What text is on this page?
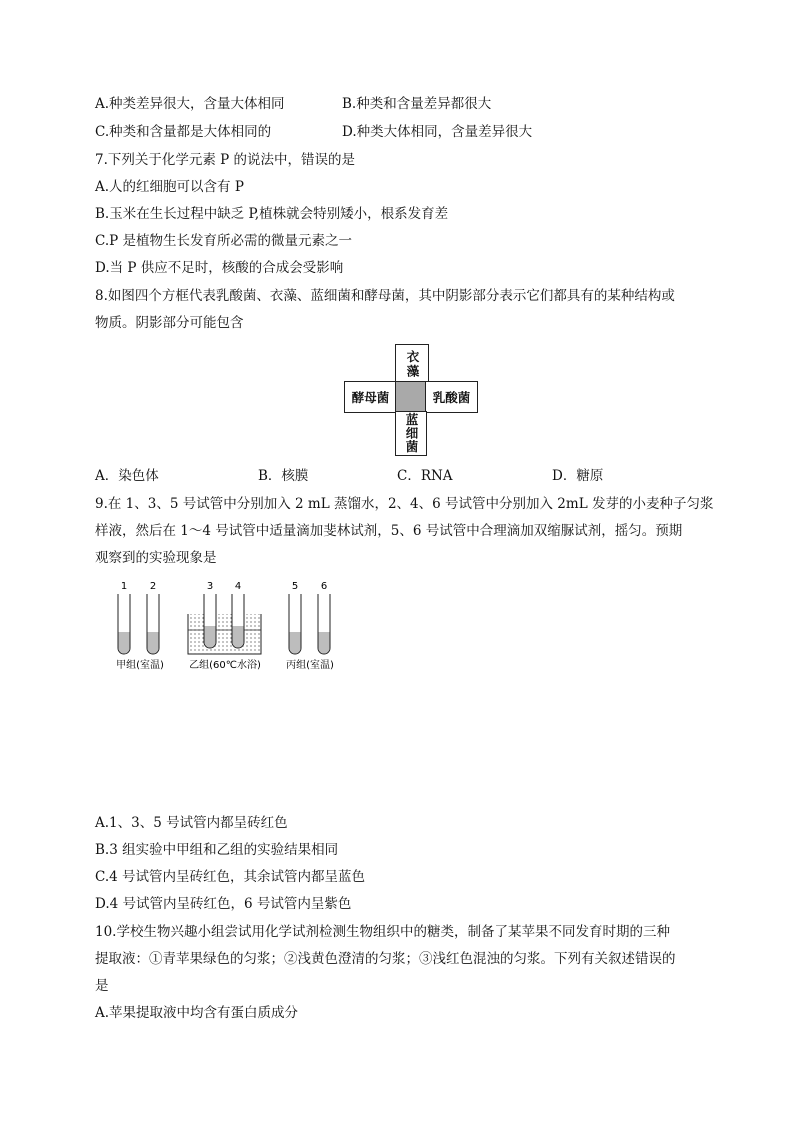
A.种类差异很大，含量大体相同	B.种类和含量差异都很大
C.种类和含量都是大体相同的	D.种类大体相同，含量差异很大
7.下列关于化学元素 P 的说法中，错误的是
A.人的红细胞可以含有 P
B.玉米在生长过程中缺乏 P,植株就会特别矮小，根系发育差
C.P 是植物生长发育所必需的微量元素之一
D.当 P 供应不足时，核酸的合成会受影响
8.如图四个方框代表乳酸菌、衣藻、蓝细菌和酵母菌，其中阴影部分表示它们都具有的某种结构或
物质。阴影部分可能包含
衣藻
酵母菌	乳酸菌
蓝细菌
A．染色体	B．核膜	C．RNA	D．糖原
9.在 1、3、5 号试管中分别加入 2 mL 蒸馏水，2、4、6 号试管中分别加入 2mL 发芽的小麦种子匀浆
样液，然后在 1～4 号试管中适量滴加斐林试剂，5、6 号试管中合理滴加双缩脲试剂，摇匀。预期
观察到的实验现象是
1 2	3 4	5 6
甲组(室温)	乙组(60℃水浴)	丙组(室温)
A.1、3、5 号试管内都呈砖红色
B.3 组实验中甲组和乙组的实验结果相同
C.4 号试管内呈砖红色，其余试管内都呈蓝色
D.4 号试管内呈砖红色，6 号试管内呈紫色
10.学校生物兴趣小组尝试用化学试剂检测生物组织中的糖类，制备了某苹果不同发育时期的三种
提取液：①青苹果绿色的匀浆；②浅黄色澄清的匀浆；③浅红色混浊的匀浆。下列有关叙述错误的
是
A.苹果提取液中均含有蛋白质成分
